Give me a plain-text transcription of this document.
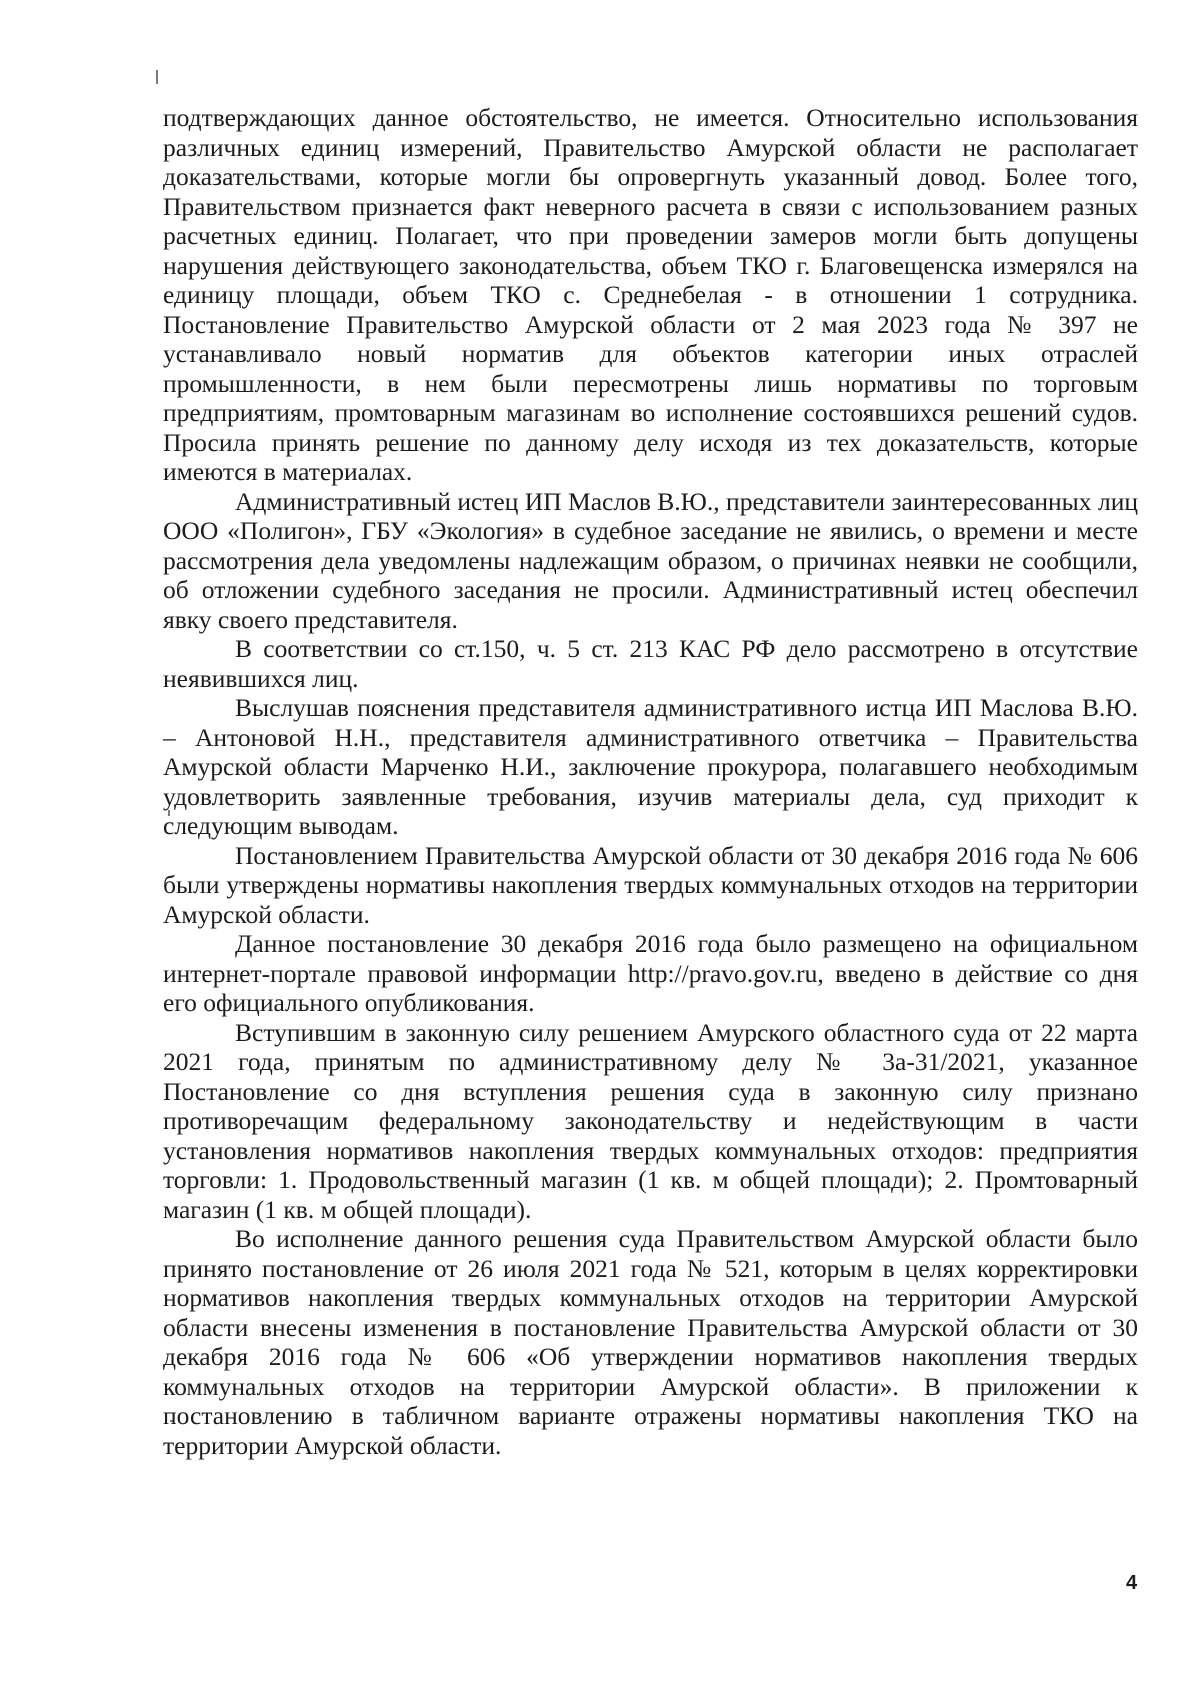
подтверждающих данное обстоятельство, не имеется. Относительно использования различных единиц измерений, Правительство Амурской области не располагает доказательствами, которые могли бы опровергнуть указанный довод. Более того, Правительством признается факт неверного расчета в связи с использованием разных расчетных единиц. Полагает, что при проведении замеров могли быть допущены нарушения действующего законодательства, объем ТКО г. Благовещенска измерялся на единицу площади, объем ТКО с. Среднебелая - в отношении 1 сотрудника. Постановление Правительство Амурской области от 2 мая 2023 года № 397 не устанавливало новый норматив для объектов категории иных отраслей промышленности, в нем были пересмотрены лишь нормативы по торговым предприятиям, промтоварным магазинам во исполнение состоявшихся решений судов. Просила принять решение по данному делу исходя из тех доказательств, которые имеются в материалах.

Административный истец ИП Маслов В.Ю., представители заинтересованных лиц ООО «Полигон», ГБУ «Экология» в судебное заседание не явились, о времени и месте рассмотрения дела уведомлены надлежащим образом, о причинах неявки не сообщили, об отложении судебного заседания не просили. Административный истец обеспечил явку своего представителя.

В соответствии со ст.150, ч. 5 ст. 213 КАС РФ дело рассмотрено в отсутствие неявившихся лиц.

Выслушав пояснения представителя административного истца ИП Маслова В.Ю. – Антоновой Н.Н., представителя административного ответчика – Правительства Амурской области Марченко Н.И., заключение прокурора, полагавшего необходимым удовлетворить заявленные требования, изучив материалы дела, суд приходит к следующим выводам.

Постановлением Правительства Амурской области от 30 декабря 2016 года № 606 были утверждены нормативы накопления твердых коммунальных отходов на территории Амурской области.

Данное постановление 30 декабря 2016 года было размещено на официальном интернет-портале правовой информации http://pravo.gov.ru, введено в действие со дня его официального опубликования.

Вступившим в законную силу решением Амурского областного суда от 22 марта 2021 года, принятым по административному делу № 3а-31/2021, указанное Постановление со дня вступления решения суда в законную силу признано противоречащим федеральному законодательству и недействующим в части установления нормативов накопления твердых коммунальных отходов: предприятия торговли: 1. Продовольственный магазин (1 кв. м общей площади); 2. Промтоварный магазин (1 кв. м общей площади).

Во исполнение данного решения суда Правительством Амурской области было принято постановление от 26 июля 2021 года № 521, которым в целях корректировки нормативов накопления твердых коммунальных отходов на территории Амурской области внесены изменения в постановление Правительства Амурской области от 30 декабря 2016 года № 606 «Об утверждении нормативов накопления твердых коммунальных отходов на территории Амурской области». В приложении к постановлению в табличном варианте отражены нормативы накопления ТКО на территории Амурской области.

4
